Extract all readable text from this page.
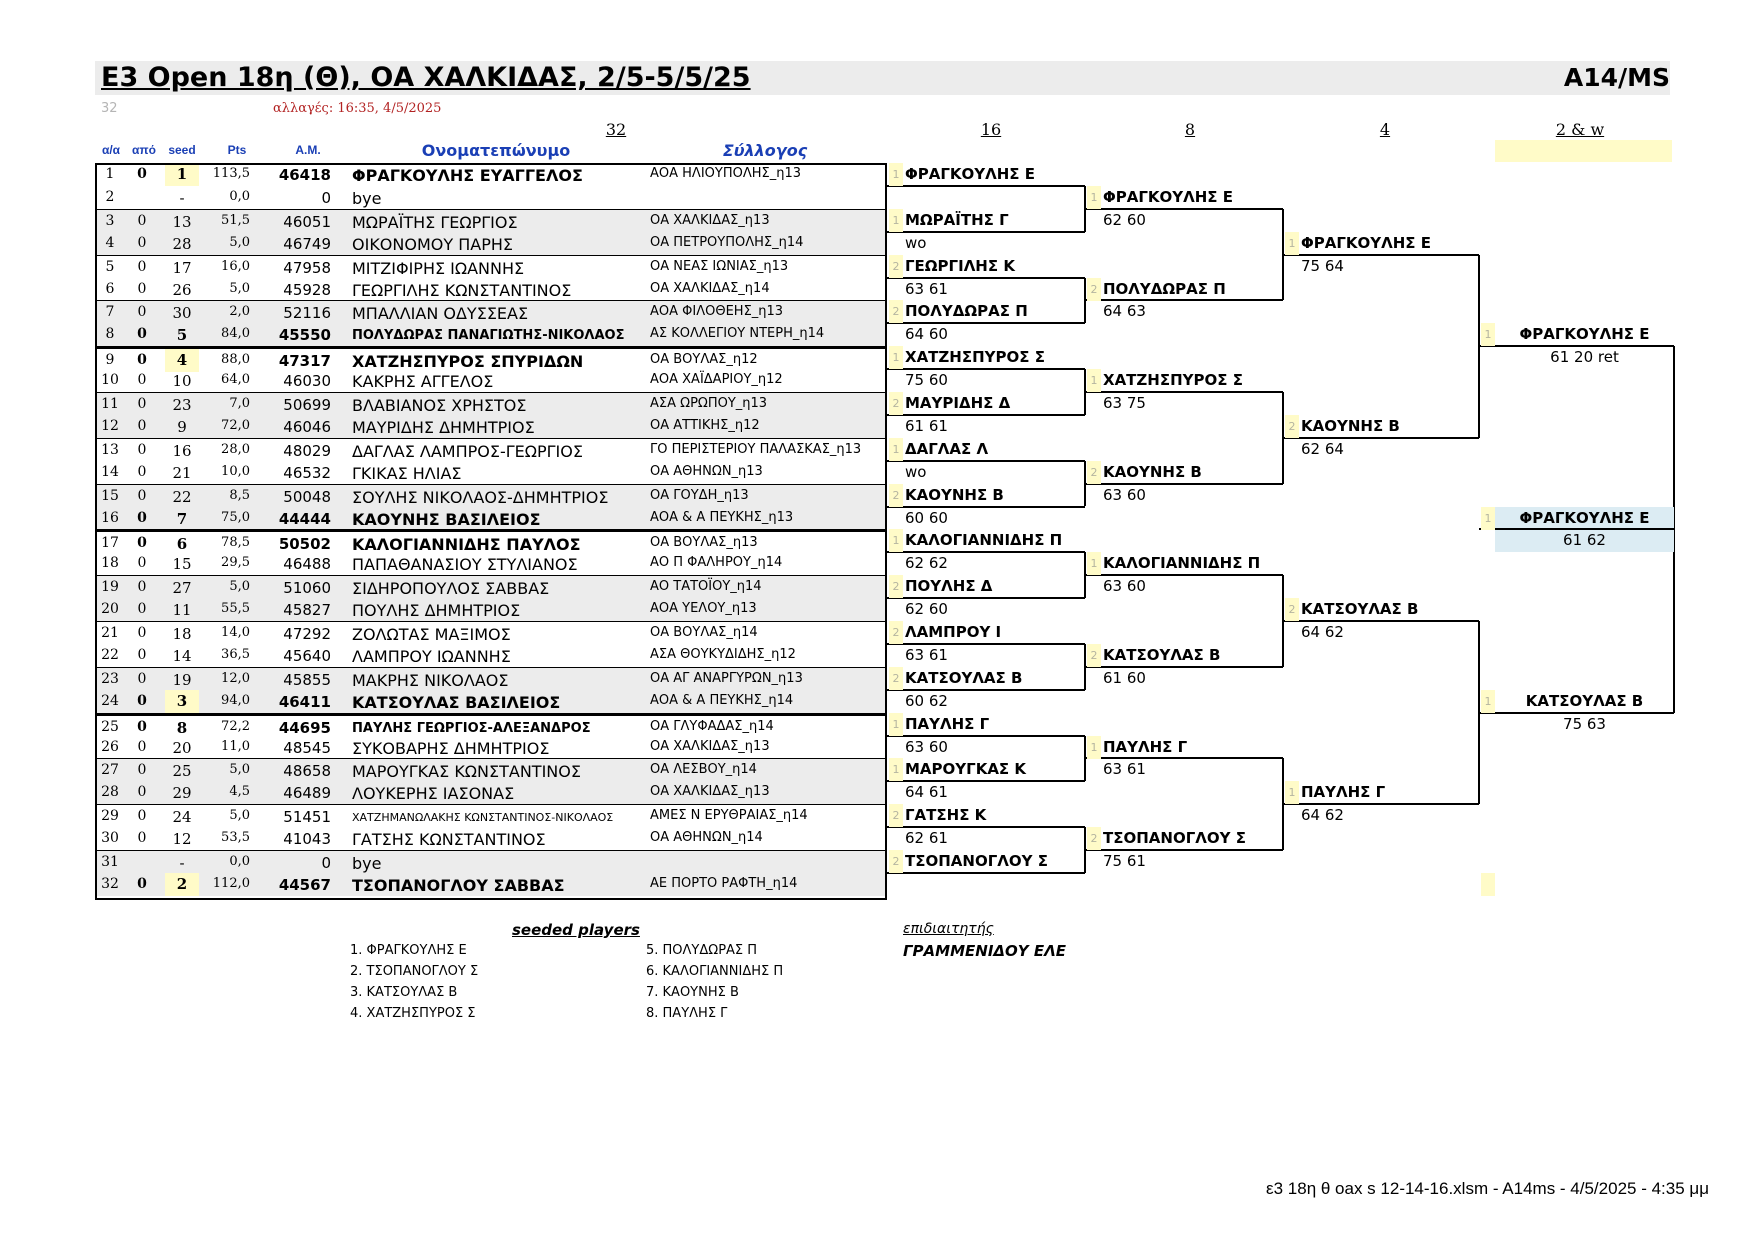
Ε3 Open 18η (Θ), ΟΑ ΧΑΛΚΙΔΑΣ, 2/5-5/5/25	A14/MS
32	αλλαγές: 16:35, 4/5/2025
32	16	8	4	2 & w
α/α από seed	Pts	Α.Μ.	Ονοματεπώνυμο	Σύλλογος
1	0	1	113,5	46418 ΦΡΑΓΚΟΥΛΗΣ ΕΥΑΓΓΕΛΟΣ	ΑΟΑ ΗΛΙΟΥΠΟΛΗΣ_η13
2	-	0,0	0 bye
3	0	13	51,5	46051 ΜΩΡΑΪΤΗΣ ΓΕΩΡΓΙΟΣ	ΟΑ ΧΑΛΚΙΔΑΣ_η13
4	0	28	5,0	46749 ΟΙΚΟΝΟΜΟΥ ΠΑΡΗΣ	ΟΑ ΠΕΤΡΟΥΠΟΛΗΣ_η14
5	0	17	16,0	47958 ΜΙΤΖΙΦΙΡΗΣ ΙΩΑΝΝΗΣ	ΟΑ ΝΕΑΣ ΙΩΝΙΑΣ_η13
6	0	26	5,0	45928 ΓΕΩΡΓΙΛΗΣ ΚΩΝΣΤΑΝΤΙΝΟΣ	ΟΑ ΧΑΛΚΙΔΑΣ_η14
7	0	30	2,0	52116 ΜΠΑΛΛΙΑΝ ΟΔΥΣΣΕΑΣ	ΑΟΑ ΦΙΛΟΘΕΗΣ_η13
8	0	5	84,0	45550 ΠΟΛΥΔΩΡΑΣ ΠΑΝΑΓΙΩΤΗΣ-ΝΙΚΟΛΑΟΣ ΑΣ ΚΟΛΛΕΓΙΟΥ ΝΤΕΡΗ_η14
9	0	4	88,0	47317 ΧΑΤΖΗΣΠΥΡΟΣ ΣΠΥΡΙΔΩΝ	ΟΑ ΒΟΥΛΑΣ_η12
10	0	10	64,0	46030 ΚΑΚΡΗΣ ΑΓΓΕΛΟΣ	ΑΟΑ ΧΑΪΔΑΡΙΟΥ_η12
11	0	23	7,0	50699 ΒΛΑΒΙΑΝΟΣ ΧΡΗΣΤΟΣ	ΑΣΑ ΩΡΩΠΟΥ_η13
12	0	9	72,0	46046 ΜΑΥΡΙΔΗΣ ΔΗΜΗΤΡΙΟΣ	ΟΑ ΑΤΤΙΚΗΣ_η12
13	0	16	28,0	48029 ΔΑΓΛΑΣ ΛΑΜΠΡΟΣ-ΓΕΩΡΓΙΟΣ	ΓΟ ΠΕΡΙΣΤΕΡΙΟΥ ΠΑΛΑΣΚΑΣ_η13
14	0	21	10,0	46532 ΓΚΙΚΑΣ ΗΛΙΑΣ	ΟΑ ΑΘΗΝΩΝ_η13
15	0	22	8,5	50048 ΣΟΥΛΗΣ ΝΙΚΟΛΑΟΣ-ΔΗΜΗΤΡΙΟΣ	ΟΑ ΓΟΥΔΗ_η13
16	0	7	75,0	44444 ΚΑΟΥΝΗΣ ΒΑΣΙΛΕΙΟΣ	ΑΟΑ & Α ΠΕΥΚΗΣ_η13
17	0	6	78,5	50502 ΚΑΛΟΓΙΑΝΝΙΔΗΣ ΠΑΥΛΟΣ	ΟΑ ΒΟΥΛΑΣ_η13
18	0	15	29,5	46488 ΠΑΠΑΘΑΝΑΣΙΟΥ ΣΤΥΛΙΑΝΟΣ	ΑΟ Π ΦΑΛΗΡΟΥ_η14
19	0	27	5,0	51060 ΣΙΔΗΡΟΠΟΥΛΟΣ ΣΑΒΒΑΣ	ΑΟ ΤΑΤΟΪΟΥ_η14
20	0	11	55,5	45827 ΠΟΥΛΗΣ ΔΗΜΗΤΡΙΟΣ	ΑΟΑ ΥΕΛΟΥ_η13
21	0	18	14,0	47292 ΖΟΛΩΤΑΣ ΜΑΞΙΜΟΣ	ΟΑ ΒΟΥΛΑΣ_η14
22	0	14	36,5	45640 ΛΑΜΠΡΟΥ ΙΩΑΝΝΗΣ	ΑΣΑ ΘΟΥΚΥΔΙΔΗΣ_η12
23	0	19	12,0	45855 ΜΑΚΡΗΣ ΝΙΚΟΛΑΟΣ	ΟΑ ΑΓ ΑΝΑΡΓΥΡΩΝ_η13
24	0	3	94,0	46411 ΚΑΤΣΟΥΛΑΣ ΒΑΣΙΛΕΙΟΣ	ΑΟΑ & Α ΠΕΥΚΗΣ_η14
25	0	8	72,2	44695 ΠΑΥΛΗΣ ΓΕΩΡΓΙΟΣ-ΑΛΕΞΑΝΔΡΟΣ	ΟΑ ΓΛΥΦΑΔΑΣ_η14
26	0	20	11,0	48545 ΣΥΚΟΒΑΡΗΣ ΔΗΜΗΤΡΙΟΣ	ΟΑ ΧΑΛΚΙΔΑΣ_η13
27	0	25	5,0	48658 ΜΑΡΟΥΓΚΑΣ ΚΩΝΣΤΑΝΤΙΝΟΣ	ΟΑ ΛΕΣΒΟΥ_η14
28	0	29	4,5	46489 ΛΟΥΚΕΡΗΣ ΙΑΣΟΝΑΣ	ΟΑ ΧΑΛΚΙΔΑΣ_η13
29	0	24	5,0	51451 ΧΑΤΖΗΜΑΝΩΛΑΚΗΣ ΚΩΝΣΤΑΝΤΙΝΟΣ-ΝΙΚΟΛΑΟΣ	ΑΜΕΣ Ν ΕΡΥΘΡΑΙΑΣ_η14
30	0	12	53,5	41043 ΓΑΤΣΗΣ ΚΩΝΣΤΑΝΤΙΝΟΣ	ΟΑ ΑΘΗΝΩΝ_η14
31	-	0,0	0 bye
32	0	2	112,0	44567 ΤΣΟΠΑΝΟΓΛΟΥ ΣΑΒΒΑΣ	ΑΕ ΠΟΡΤΟ ΡΑΦΤΗ_η14
1 ΦΡΑΓΚΟΥΛΗΣ Ε
1 ΜΩΡΑΪΤΗΣ Γ
wo
2 ΓΕΩΡΓΙΛΗΣ Κ
63 61
2 ΠΟΛΥΔΩΡΑΣ Π
64 60
1 ΧΑΤΖΗΣΠΥΡΟΣ Σ
75 60
2 ΜΑΥΡΙΔΗΣ Δ
61 61
1 ΔΑΓΛΑΣ Λ
wo
2 ΚΑΟΥΝΗΣ Β
60 60
1 ΚΑΛΟΓΙΑΝΝΙΔΗΣ Π
62 62
2 ΠΟΥΛΗΣ Δ
62 60
2 ΛΑΜΠΡΟΥ Ι
63 61
2 ΚΑΤΣΟΥΛΑΣ Β
60 62
1 ΠΑΥΛΗΣ Γ
63 60
1 ΜΑΡΟΥΓΚΑΣ Κ
64 61
2 ΓΑΤΣΗΣ Κ
62 61
2 ΤΣΟΠΑΝΟΓΛΟΥ Σ
1 ΦΡΑΓΚΟΥΛΗΣ Ε
62 60
2 ΠΟΛΥΔΩΡΑΣ Π
64 63
1 ΧΑΤΖΗΣΠΥΡΟΣ Σ
63 75
2 ΚΑΟΥΝΗΣ Β
63 60
1 ΚΑΛΟΓΙΑΝΝΙΔΗΣ Π
63 60
2 ΚΑΤΣΟΥΛΑΣ Β
61 60
1 ΠΑΥΛΗΣ Γ
63 61
2 ΤΣΟΠΑΝΟΓΛΟΥ Σ
75 61
1 ΦΡΑΓΚΟΥΛΗΣ Ε
75 64
2 ΚΑΟΥΝΗΣ Β
62 64
2 ΚΑΤΣΟΥΛΑΣ Β
64 62
1 ΠΑΥΛΗΣ Γ
64 62
1 ΦΡΑΓΚΟΥΛΗΣ Ε
61 20 ret
1 ΚΑΤΣΟΥΛΑΣ Β
75 63
1 ΦΡΑΓΚΟΥΛΗΣ Ε
61 62
seeded players
1. ΦΡΑΓΚΟΥΛΗΣ Ε
2. ΤΣΟΠΑΝΟΓΛΟΥ Σ
3. ΚΑΤΣΟΥΛΑΣ Β
4. ΧΑΤΖΗΣΠΥΡΟΣ Σ
5. ΠΟΛΥΔΩΡΑΣ Π
6. ΚΑΛΟΓΙΑΝΝΙΔΗΣ Π
7. ΚΑΟΥΝΗΣ Β
8. ΠΑΥΛΗΣ Γ
επιδιαιτητής
ΓΡΑΜΜΕΝΙΔΟΥ ΕΛΕ
ε3 18η θ oax s 12-14-16.xlsm - A14ms - 4/5/2025 - 4:35 μμ
